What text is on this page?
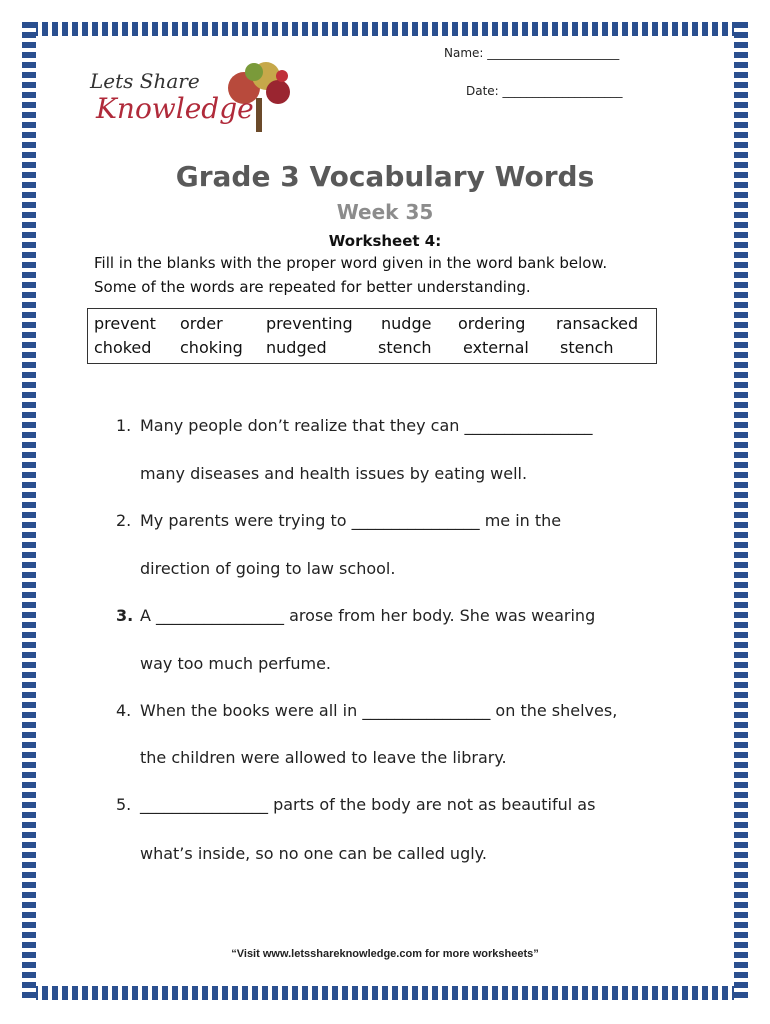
Name: ______________________
Date: ____________________
Lets Share
Knowledge
Grade 3 Vocabulary Words
Week 35
Worksheet 4:
Fill in the blanks with the proper word given in the word bank below.
Some of the words are repeated for better understanding.
prevent order	preventing nudge ordering ransacked
choked choking nudged	stench external stench
1. Many people don’t realize that they can ________________
many diseases and health issues by eating well.
2. My parents were trying to ________________ me in the
direction of going to law school.
3. A ________________ arose from her body. She was wearing
way too much perfume.
4. When the books were all in ________________ on the shelves,
the children were allowed to leave the library.
5. ________________ parts of the body are not as beautiful as
what’s inside, so no one can be called ugly.
“Visit www.letsshareknowledge.com for more worksheets”
